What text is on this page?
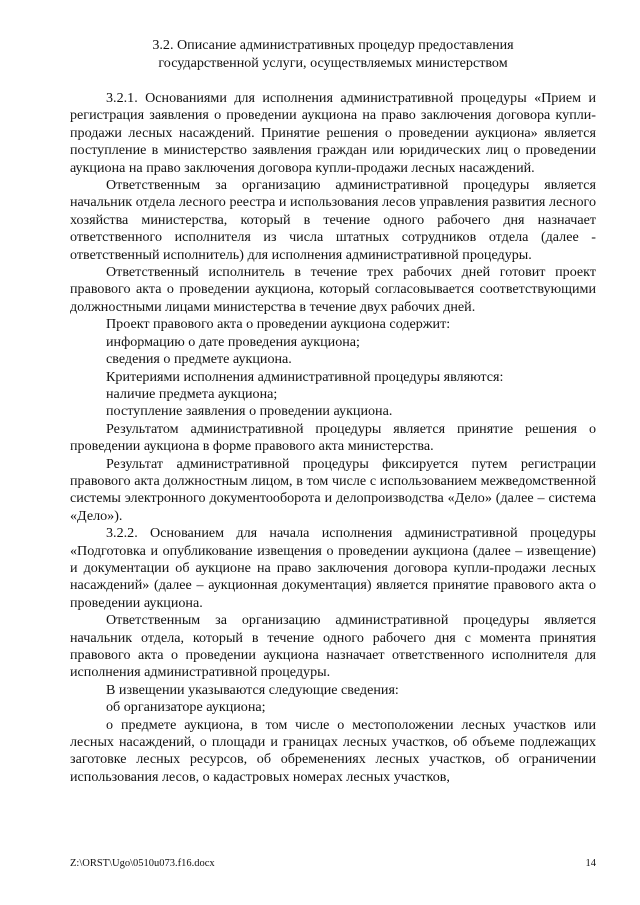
3.2. Описание административных процедур предоставления
государственной услуги, осуществляемых министерством

3.2.1. Основаниями для исполнения административной процедуры «Прием и регистрация заявления о проведении аукциона на право заключения договора купли-продажи лесных насаждений. Принятие решения о проведении аукциона» является поступление в министерство заявления граждан или юридических лиц о проведении аукциона на право заключения договора купли-продажи лесных насаждений.

Ответственным за организацию административной процедуры является начальник отдела лесного реестра и использования лесов управления развития лесного хозяйства министерства, который в течение одного рабочего дня назначает ответственного исполнителя из числа штатных сотрудников отдела (далее - ответственный исполнитель) для исполнения административной процедуры.

Ответственный исполнитель в течение трех рабочих дней готовит проект правового акта о проведении аукциона, который согласовывается соответствующими должностными лицами министерства в течение двух рабочих дней.

Проект правового акта о проведении аукциона содержит:

информацию о дате проведения аукциона;

сведения о предмете аукциона.

Критериями исполнения административной процедуры являются:

наличие предмета аукциона;

поступление заявления о проведении аукциона.

Результатом административной процедуры является принятие решения о проведении аукциона в форме правового акта министерства.

Результат административной процедуры фиксируется путем регистрации правового акта должностным лицом, в том числе с использованием межведомственной системы электронного документооборота и делопроизводства «Дело» (далее – система «Дело»).

3.2.2. Основанием для начала исполнения административной процедуры «Подготовка и опубликование извещения о проведении аукциона (далее – извещение) и документации об аукционе на право заключения договора купли-продажи лесных насаждений» (далее – аукционная документация) является принятие правового акта о проведении аукциона.

Ответственным за организацию административной процедуры является начальник отдела, который в течение одного рабочего дня с момента принятия правового акта о проведении аукциона назначает ответственного исполнителя для исполнения административной процедуры.

В извещении указываются следующие сведения:

об организаторе аукциона;

о предмете аукциона, в том числе о местоположении лесных участков или лесных насаждений, о площади и границах лесных участков, об объеме подлежащих заготовке лесных ресурсов, об обременениях лесных участков, об ограничении использования лесов, о кадастровых номерах лесных участков,

Z:\ORST\Ugo\0510u073.f16.docx	14
